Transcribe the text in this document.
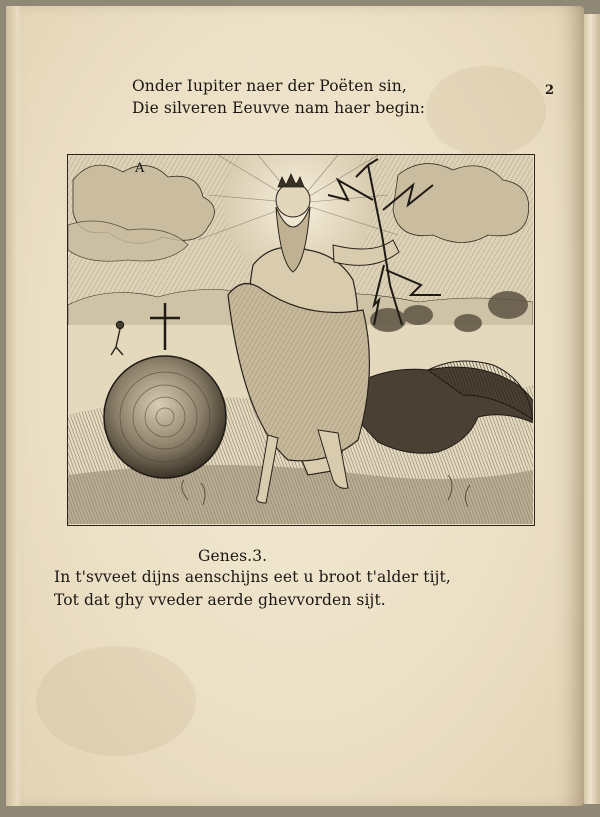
Onder Iupiter naer der Poëten sin,
Die silveren Eeuvve nam haer begin:
2
A
Genes.3.
In t'svveet dijns aenschijns eet u broot t'alder tijt,
Tot dat ghy vveder aerde ghevvorden sijt.
